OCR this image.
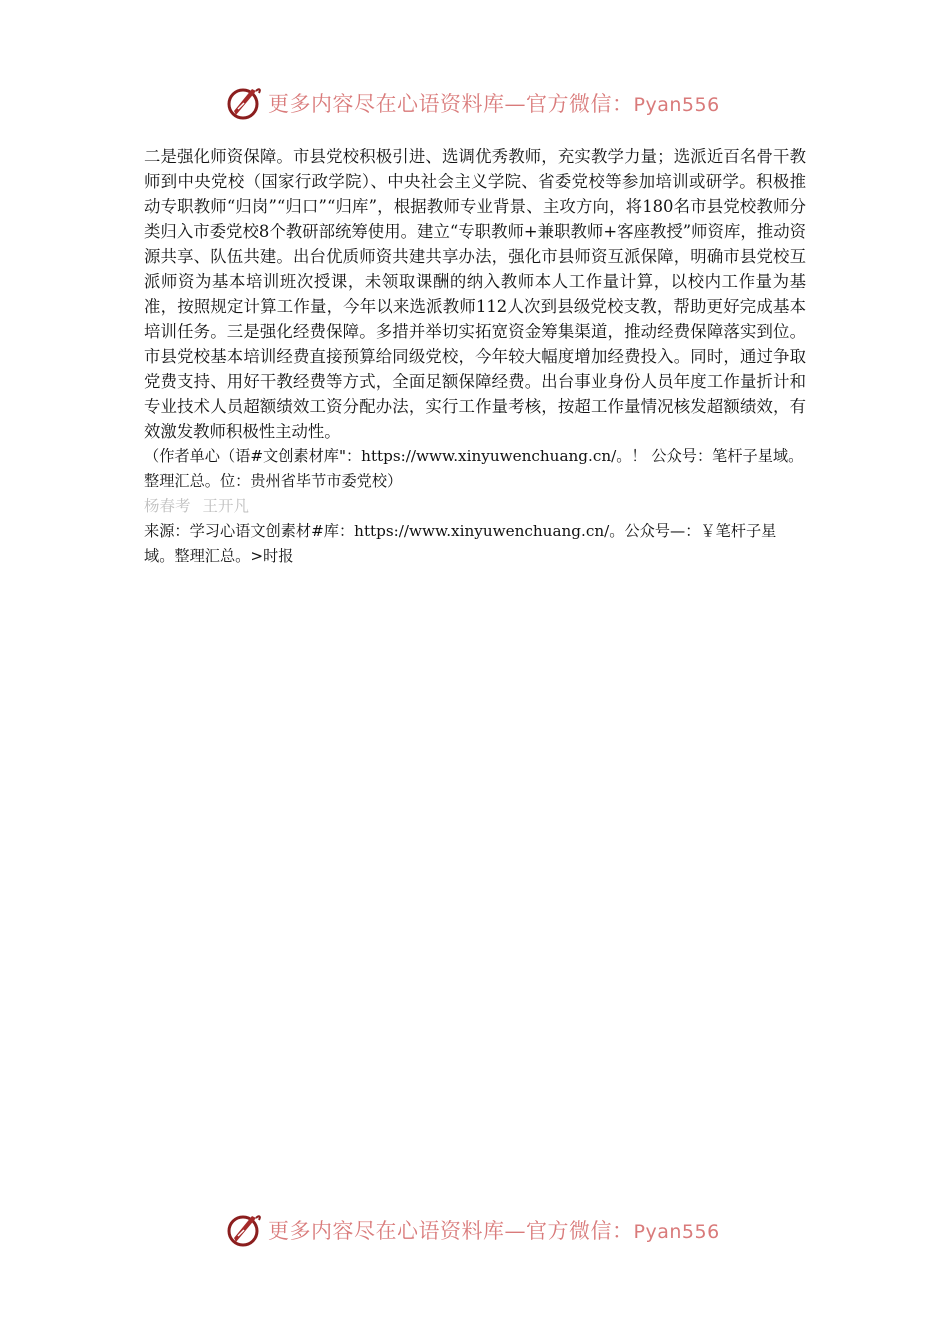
更多内容尽在心语资料库—官方微信：Pyan556

二是强化师资保障。市县党校积极引进、选调优秀教师，充实教学力量；选派近百名骨干教师到中央党校（国家行政学院）、中央社会主义学院、省委党校等参加培训或研学。积极推动专职教师“归岗”“归口”“归库”，根据教师专业背景、主攻方向，将180名市县党校教师分类归入市委党校8个教研部统筹使用。建立“专职教师+兼职教师+客座教授”师资库，推动资源共享、队伍共建。出台优质师资共建共享办法，强化市县师资互派保障，明确市县党校互派师资为基本培训班次授课，未领取课酬的纳入教师本人工作量计算，以校内工作量为基准，按照规定计算工作量，今年以来选派教师112人次到县级党校支教，帮助更好完成基本培训任务。三是强化经费保障。多措并举切实拓宽资金筹集渠道，推动经费保障落实到位。市县党校基本培训经费直接预算给同级党校，今年较大幅度增加经费投入。同时，通过争取党费支持、用好干教经费等方式，全面足额保障经费。出台事业身份人员年度工作量折计和专业技术人员超额绩效工资分配办法，实行工作量考核，按超工作量情况核发超额绩效，有效激发教师积极性主动性。

（作者单心（语#文创素材库"：https://www.xinyuwenchuang.cn/。！ 公众号：笔杆子星域。整理汇总。位：贵州省毕节市委党校）

杨春考 王开凡

来源：学习心语文创素材#库：https://www.xinyuwenchuang.cn/。公众号—：￥笔杆子星域。整理汇总。>时报

更多内容尽在心语资料库—官方微信：Pyan556
